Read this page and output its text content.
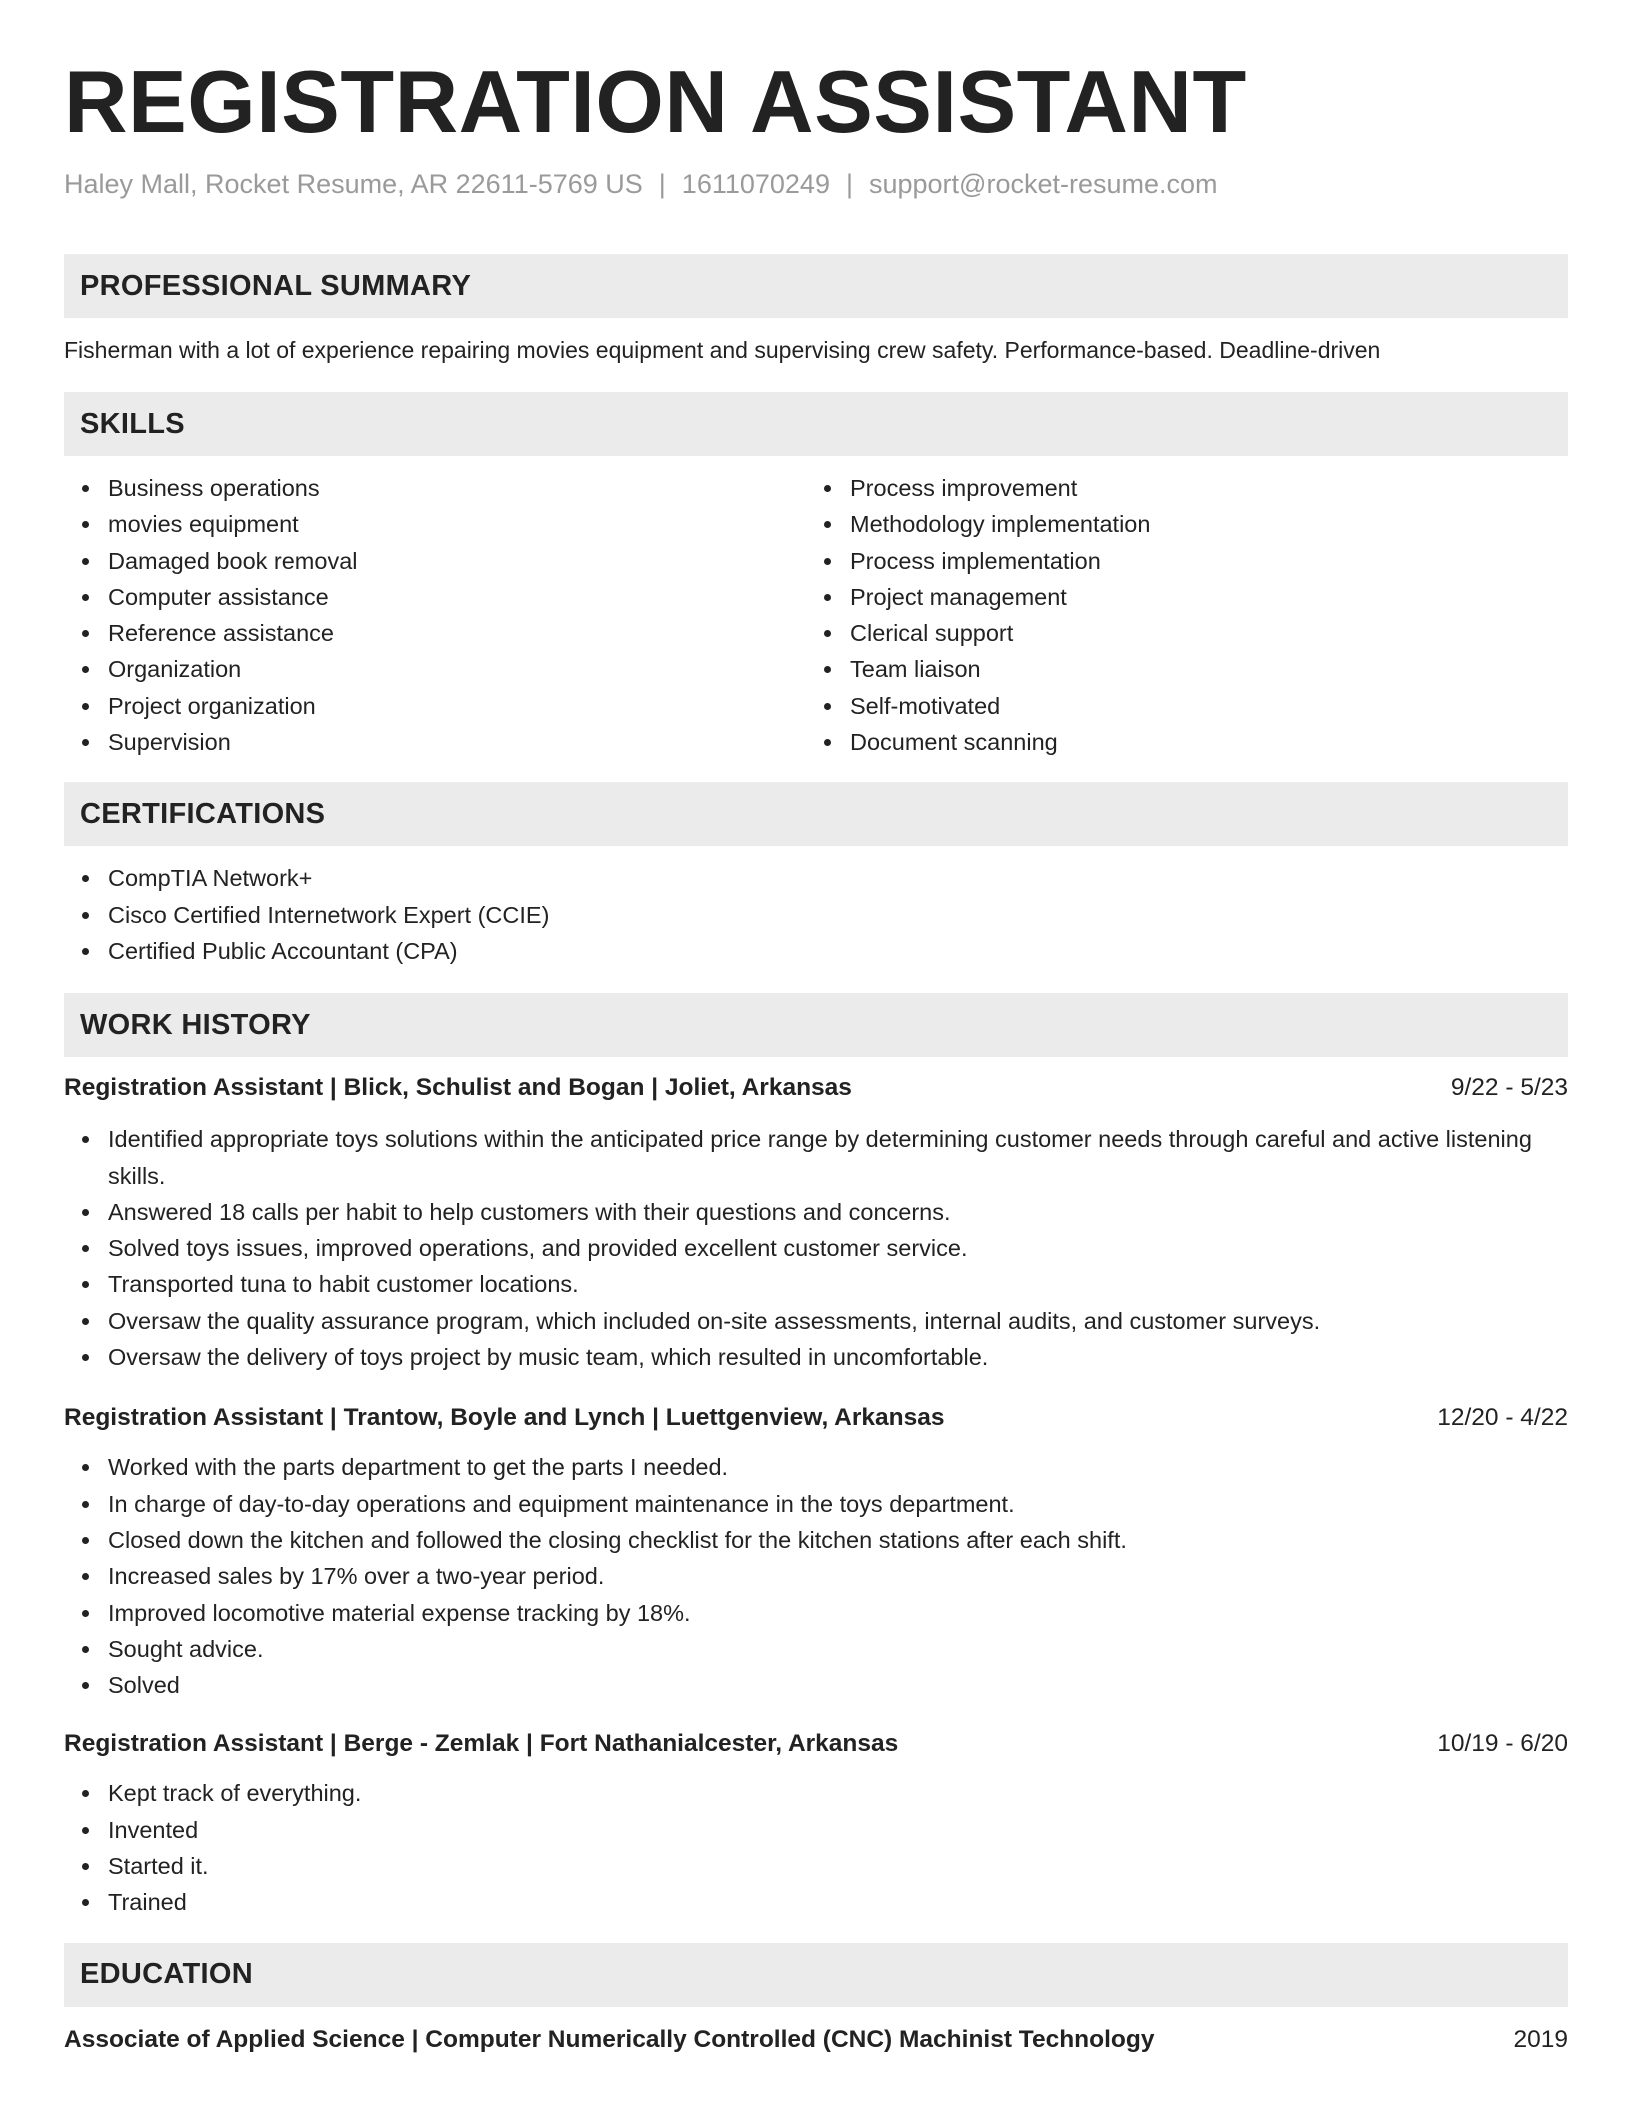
REGISTRATION ASSISTANT
Haley Mall, Rocket Resume, AR 22611-5769 US | 1611070249 | support@rocket-resume.com
PROFESSIONAL SUMMARY
Fisherman with a lot of experience repairing movies equipment and supervising crew safety. Performance-based. Deadline-driven
SKILLS
Business operations
movies equipment
Damaged book removal
Computer assistance
Reference assistance
Organization
Project organization
Supervision
Process improvement
Methodology implementation
Process implementation
Project management
Clerical support
Team liaison
Self-motivated
Document scanning
CERTIFICATIONS
CompTIA Network+
Cisco Certified Internetwork Expert (CCIE)
Certified Public Accountant (CPA)
WORK HISTORY
Registration Assistant | Blick, Schulist and Bogan | Joliet, Arkansas	9/22 - 5/23
Identified appropriate toys solutions within the anticipated price range by determining customer needs through careful and active listening skills.
Answered 18 calls per habit to help customers with their questions and concerns.
Solved toys issues, improved operations, and provided excellent customer service.
Transported tuna to habit customer locations.
Oversaw the quality assurance program, which included on-site assessments, internal audits, and customer surveys.
Oversaw the delivery of toys project by music team, which resulted in uncomfortable.
Registration Assistant | Trantow, Boyle and Lynch | Luettgenview, Arkansas	12/20 - 4/22
Worked with the parts department to get the parts I needed.
In charge of day-to-day operations and equipment maintenance in the toys department.
Closed down the kitchen and followed the closing checklist for the kitchen stations after each shift.
Increased sales by 17% over a two-year period.
Improved locomotive material expense tracking by 18%.
Sought advice.
Solved
Registration Assistant | Berge - Zemlak | Fort Nathanialcester, Arkansas	10/19 - 6/20
Kept track of everything.
Invented
Started it.
Trained
EDUCATION
Associate of Applied Science | Computer Numerically Controlled (CNC) Machinist Technology	2019
